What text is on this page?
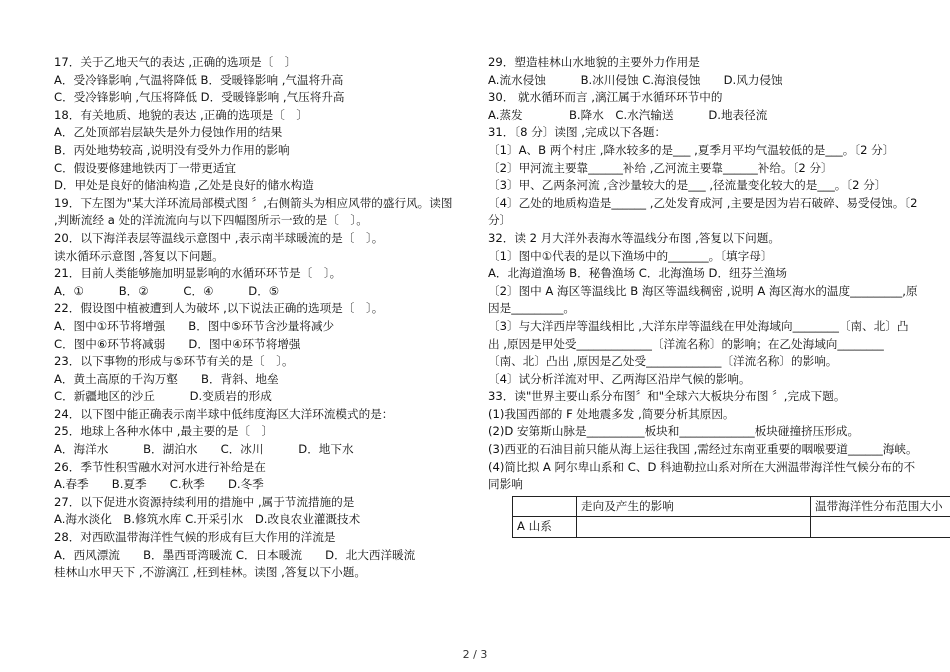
17．关于乙地天气的表达 ,正确的选项是〔　〕
A．受冷锋影响 ,气温将降低 B．受暖锋影响 ,气温将升高
C．受冷锋影响 ,气压将降低 D．受暖锋影响 ,气压将升高
18．有关地质、地貌的表达 ,正确的选项是〔　〕
A．乙处顶部岩层缺失是外力侵蚀作用的结果
B．丙处地势较高 ,说明没有受外力作用的影响
C．假设要修建地铁丙丁一带更适宜
D．甲处是良好的储油构造 ,乙处是良好的储水构造
19．下左图为"某大洋环流局部模式图 〞,右侧箭头为相应风带的盛行风。读图
,判断流经 a 处的洋流流向与以下四幅图所示一致的是〔　〕。
20．以下海洋表层等温线示意图中 ,表示南半球暖流的是〔　〕。
读水循环示意图 ,答复以下问题。
21．目前人类能够施加明显影响的水循环环节是〔　〕。
A．①　　　B．②　　　C．④　　　D．⑤
22．假设图中植被遭到人为破坏 ,以下说法正确的选项是〔　〕。
A．图中①环节将增强　　B．图中⑤环节含沙量将减少
C．图中⑥环节将减弱　　D．图中④环节将增强
23．以下事物的形成与⑤环节有关的是〔　〕。
A．黄土高原的千沟万壑　　B．背斜、地垒
C．新疆地区的沙丘　　　D.变质岩的形成
24．以下图中能正确表示南半球中低纬度海区大洋环流模式的是：
25．地球上各种水体中 ,最主要的是〔　〕
A．海洋水　　　B．湖泊水　　C．冰川　　　D．地下水
26．季节性积雪融水对河水进行补给是在
A.春季　　B.夏季　　C.秋季　　D.冬季
27．以下促进水资源持续利用的措施中 ,属于节流措施的是
A.海水淡化　B.修筑水库 C.开采引水　D.改良农业灌溉技术
28．对西欧温带海洋性气候的形成有巨大作用的洋流是
A．西风漂流　　B．墨西哥湾暖流 C．日本暖流　　D．北大西洋暖流
桂林山水甲天下 ,不游漓江 ,枉到桂林。读图 ,答复以下小题。
29．塑造桂林山水地貌的主要外力作用是
A.流水侵蚀　　　B.冰川侵蚀 C.海浪侵蚀　　D.风力侵蚀
30． 就水循环而言 ,漓江属于水循环环节中的
A.蒸发　　　　B.降水　C.水汽输送　　　D.地表径流
31．〔8 分〕读图 ,完成以下各题：
〔1〕A、B 两个村庄 ,降水较多的是___ ,夏季月平均气温较低的是___。〔2 分〕
〔2〕甲河流主要靠______补给 ,乙河流主要靠______补给。〔2 分〕
〔3〕甲、乙两条河流 ,含沙量较大的是___ ,径流量变化较大的是___。〔2 分〕
〔4〕乙处的地质构造是______ ,乙处发育成河 ,主要是因为岩石破碎、易受侵蚀。〔2 分〕
32．读 2 月大洋外表海水等温线分布图 ,答复以下问题。
〔1〕图中①代表的是以下渔场中的_______。〔填字母〕
A．北海道渔场 B．秘鲁渔场 C．北海渔场 D．纽芬兰渔场
〔2〕图中 A 海区等温线比 B 海区等温线稠密 ,说明 A 海区海水的温度_________,原因是_________。
〔3〕与大洋西岸等温线相比 ,大洋东岸等温线在甲处海域向________〔南、北〕凸出 ,原因是甲处受_____________〔洋流名称〕的影响；在乙处海域向________〔南、北〕凸出 ,原因是乙处受_____________〔洋流名称〕的影响。
〔4〕试分析洋流对甲、乙两海区沿岸气候的影响。
33．读"世界主要山系分布图〞和"全球六大板块分布图 〞,完成下题。
(1)我国西部的 F 处地震多发 ,简要分析其原因。
(2)D 安第斯山脉是__________板块和_____________板块碰撞挤压形成。
(3)西亚的石油目前只能从海上运往我国 ,需经过东南亚重要的咽喉要道______海峡。
(4)简比拟 A 阿尔卑山系和 C、D 科迪勒拉山系对所在大洲温带海洋性气候分布的不同影响
	走向及产生的影响	温带海洋性分布范围大小
A 山系		
2 / 3
